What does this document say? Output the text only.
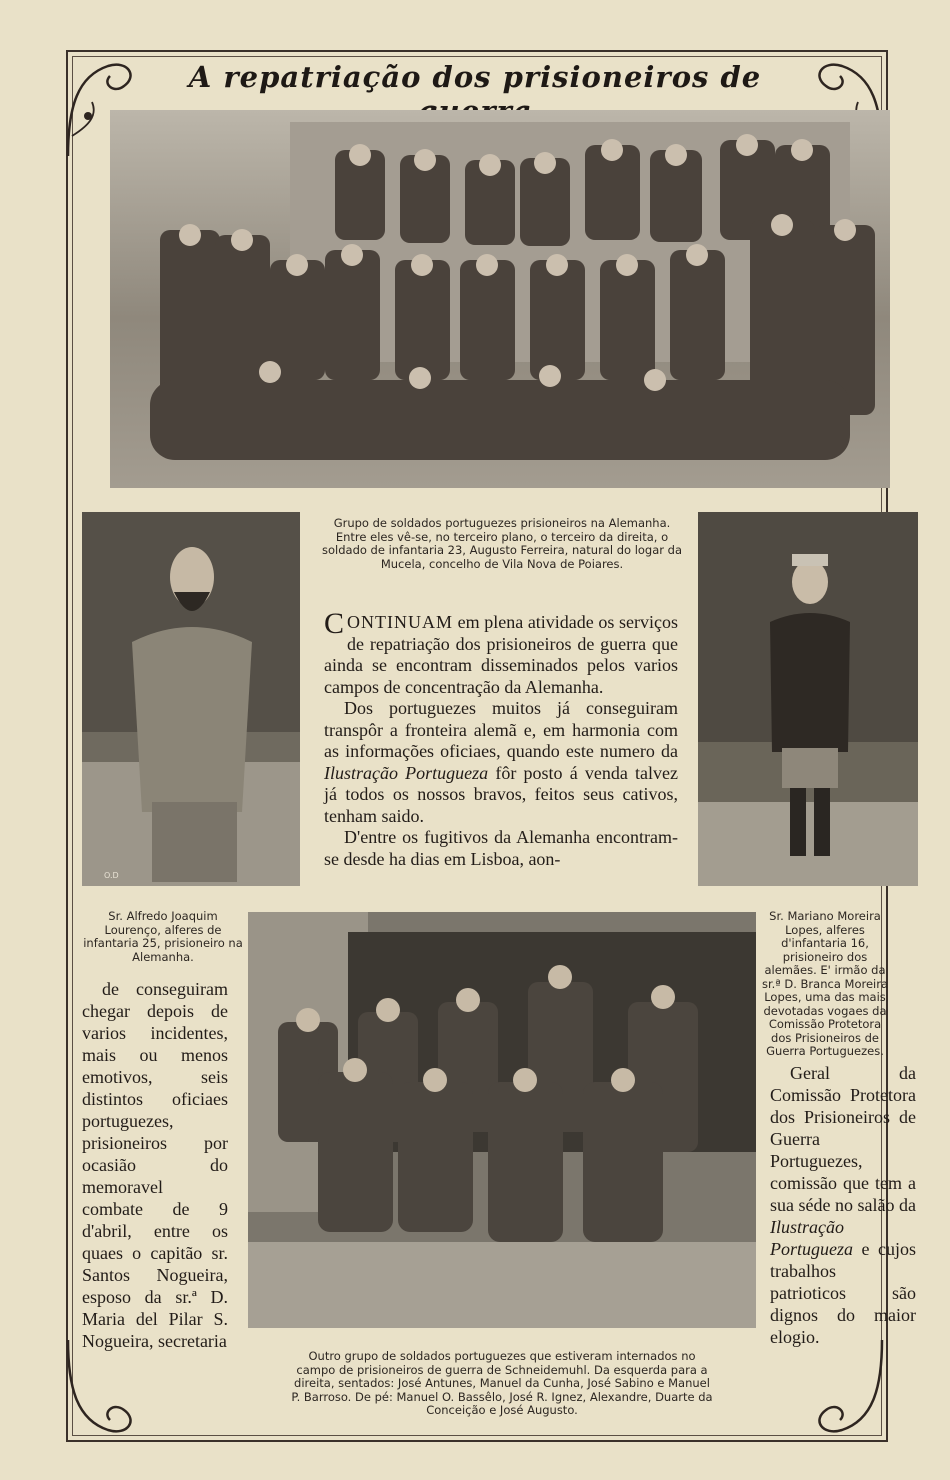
A repatriação dos prisioneiros de

Grupo de soldados portuguezes prisioneiros na Alemanha. Entre eles vê-se, no terceiro plano, o terceiro da direita, o soldado de infantaria 23, Augusto Ferreira, natural do logar da Mucela, concelho de Vila Nova de Poiares.

O.D

CONTINUAM em plena atividade os serviços de repatriação dos prisioneiros de guerra que ainda se encontram disseminados pelos varios campos de concentração da Alemanha.

Dos portuguezes muitos já conseguiram transpôr a fronteira alemã e, em harmonia com as informações oficiaes, quando este numero da Ilustração Portugueza fôr posto á venda talvez já todos os nossos bravos, feitos seus cativos, tenham saido.

D'entre os fugitivos da Alemanha encontram-se desde ha dias em Lisboa, aon-

Sr. Alfredo Joaquim Lourenço, alferes de infantaria 25, prisioneiro na Alemanha.

Sr. Mariano Moreira Lopes, alferes d'infantaria 16, prisioneiro dos alemães. E' irmão da sr.ª D. Branca Moreira Lopes, uma das mais devotadas vogaes da Comissão Protetora dos Prisioneiros de Guerra Portuguezes.

de conseguiram chegar depois de varios incidentes, mais ou menos emotivos, seis distintos oficiaes portuguezes, prisioneiros por ocasião do memoravel combate de 9 d'abril, entre os quaes o capitão sr. Santos Nogueira, esposo da sr.ª D. Maria del Pilar S. Nogueira, secretaria

Geral da Comissão Protetora dos Prisioneiros de Guerra Portuguezes, comissão que tem a sua séde no salão da Ilustração Portugueza e cujos trabalhos patrioticos são dignos do maior elogio.

Outro grupo de soldados portuguezes que estiveram internados no campo de prisioneiros de guerra de Schneidemuhl. Da esquerda para a direita, sentados: José Antunes, Manuel da Cunha, José Sabino e Manuel P. Barroso. De pé: Manuel O. Bassêlo, José R. Ignez, Alexandre, Duarte da Conceição e José Augusto.
